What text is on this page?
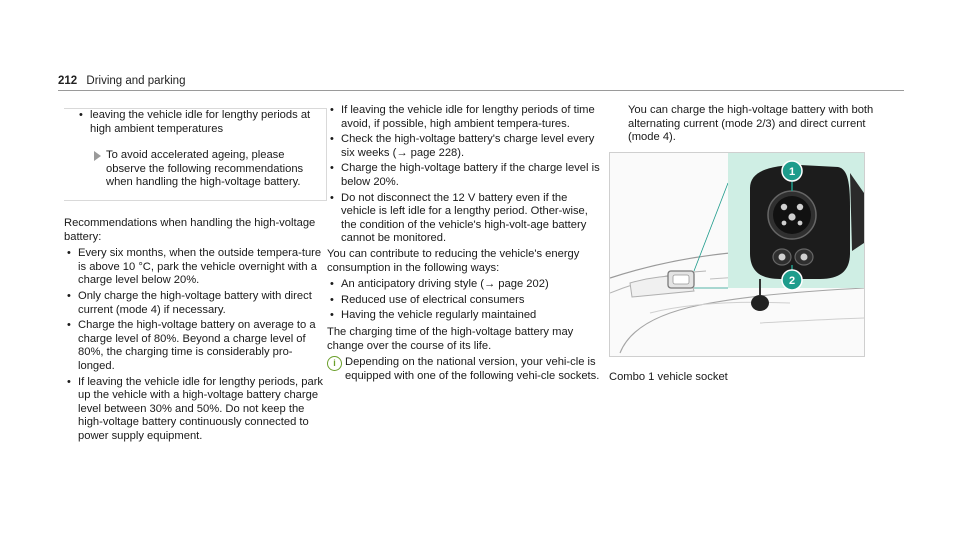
212 Driving and parking
• leaving the vehicle idle for lengthy periods at high ambient temperatures
To avoid accelerated ageing, please observe the following recommendations when handling the high-voltage battery.

Recommendations when handling the high-voltage battery:

• Every six months, when the outside tempera-ture is above 10 °C, park the vehicle overnight with a charge level below 20%.
• Only charge the high-voltage battery with direct current (mode 4) if necessary.
• Charge the high-voltage battery on average to a charge level of 80%. Beyond a charge level of 80%, the charging time is considerably pro-longed.
• If leaving the vehicle idle for lengthy periods, park up the vehicle with a high-voltage battery charge level between 30% and 50%. Do not keep the high-voltage battery continuously connected to power supply equipment.
• If leaving the vehicle idle for lengthy periods of time avoid, if possible, high ambient tempera-tures.
• Check the high-voltage battery's charge level every six weeks (→ page 228).
• Charge the high-voltage battery if the charge level is below 20%.
• Do not disconnect the 12 V battery even if the vehicle is left idle for a lengthy period. Other-wise, the condition of the vehicle's high-volt-age battery cannot be monitored.

You can contribute to reducing the vehicle's energy consumption in the following ways:

• An anticipatory driving style (→ page 202)
• Reduced use of electrical consumers
• Having the vehicle regularly maintained

The charging time of the high-voltage battery may change over the course of its life.

i Depending on the national version, your vehi-cle is equipped with one of the following vehi-cle sockets.

You can charge the high-voltage battery with both alternating current (mode 2/3) and direct current (mode 4).

1
2
Combo 1 vehicle socket
